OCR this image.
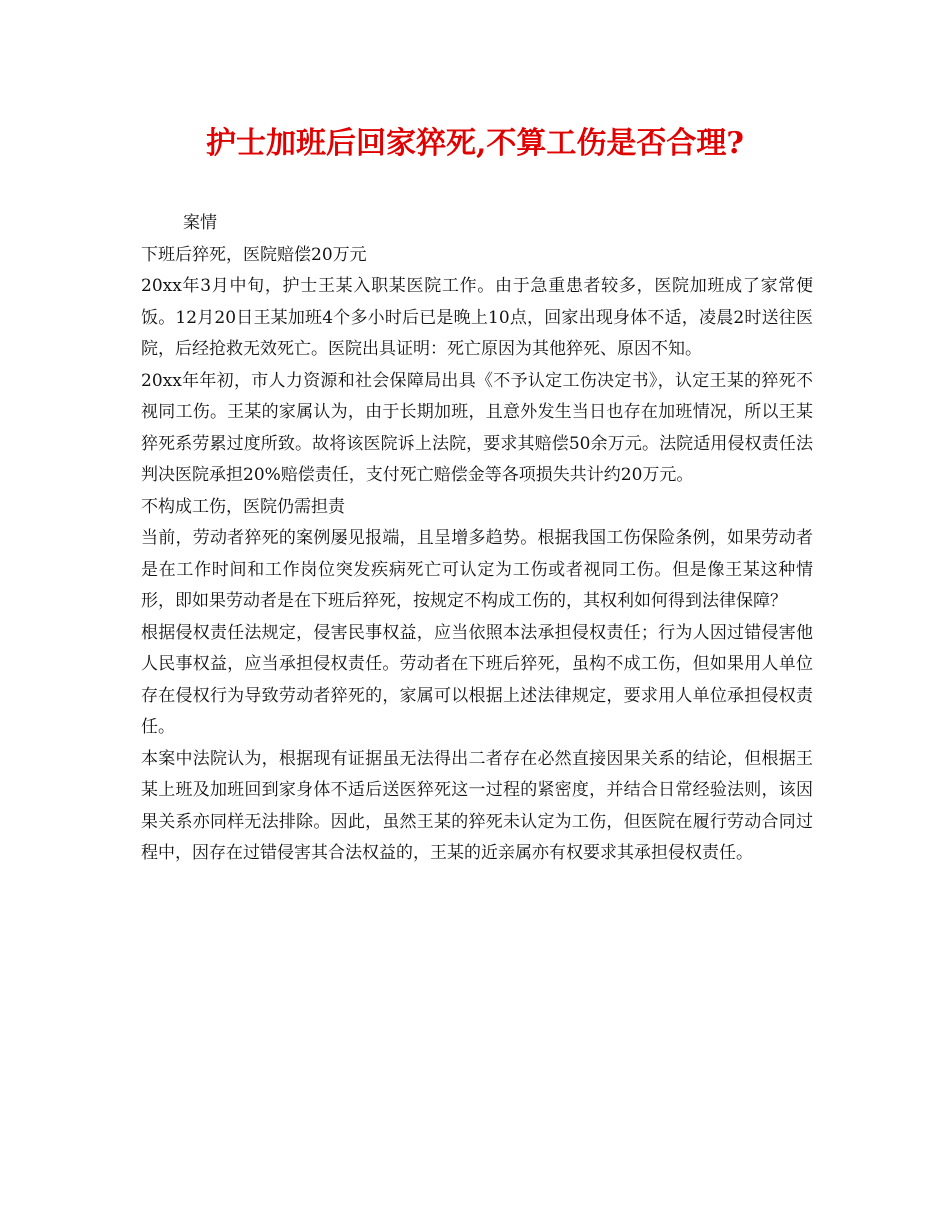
护士加班后回家猝死,不算工伤是否合理?

案情

下班后猝死，医院赔偿20万元

20xx年3月中旬，护士王某入职某医院工作。由于急重患者较多，医院加班成了家常便饭。12月20日王某加班4个多小时后已是晚上10点，回家出现身体不适，凌晨2时送往医院，后经抢救无效死亡。医院出具证明：死亡原因为其他猝死、原因不知。

20xx年年初，市人力资源和社会保障局出具《不予认定工伤决定书》，认定王某的猝死不视同工伤。王某的家属认为，由于长期加班，且意外发生当日也存在加班情况，所以王某猝死系劳累过度所致。故将该医院诉上法院，要求其赔偿50余万元。法院适用侵权责任法判决医院承担20%赔偿责任，支付死亡赔偿金等各项损失共计约20万元。

不构成工伤，医院仍需担责

当前，劳动者猝死的案例屡见报端，且呈增多趋势。根据我国工伤保险条例，如果劳动者是在工作时间和工作岗位突发疾病死亡可认定为工伤或者视同工伤。但是像王某这种情形，即如果劳动者是在下班后猝死，按规定不构成工伤的，其权利如何得到法律保障？

根据侵权责任法规定，侵害民事权益，应当依照本法承担侵权责任；行为人因过错侵害他人民事权益，应当承担侵权责任。劳动者在下班后猝死，虽构不成工伤，但如果用人单位存在侵权行为导致劳动者猝死的，家属可以根据上述法律规定，要求用人单位承担侵权责任。

本案中法院认为，根据现有证据虽无法得出二者存在必然直接因果关系的结论，但根据王某上班及加班回到家身体不适后送医猝死这一过程的紧密度，并结合日常经验法则，该因果关系亦同样无法排除。因此，虽然王某的猝死未认定为工伤，但医院在履行劳动合同过程中，因存在过错侵害其合法权益的，王某的近亲属亦有权要求其承担侵权责任。
